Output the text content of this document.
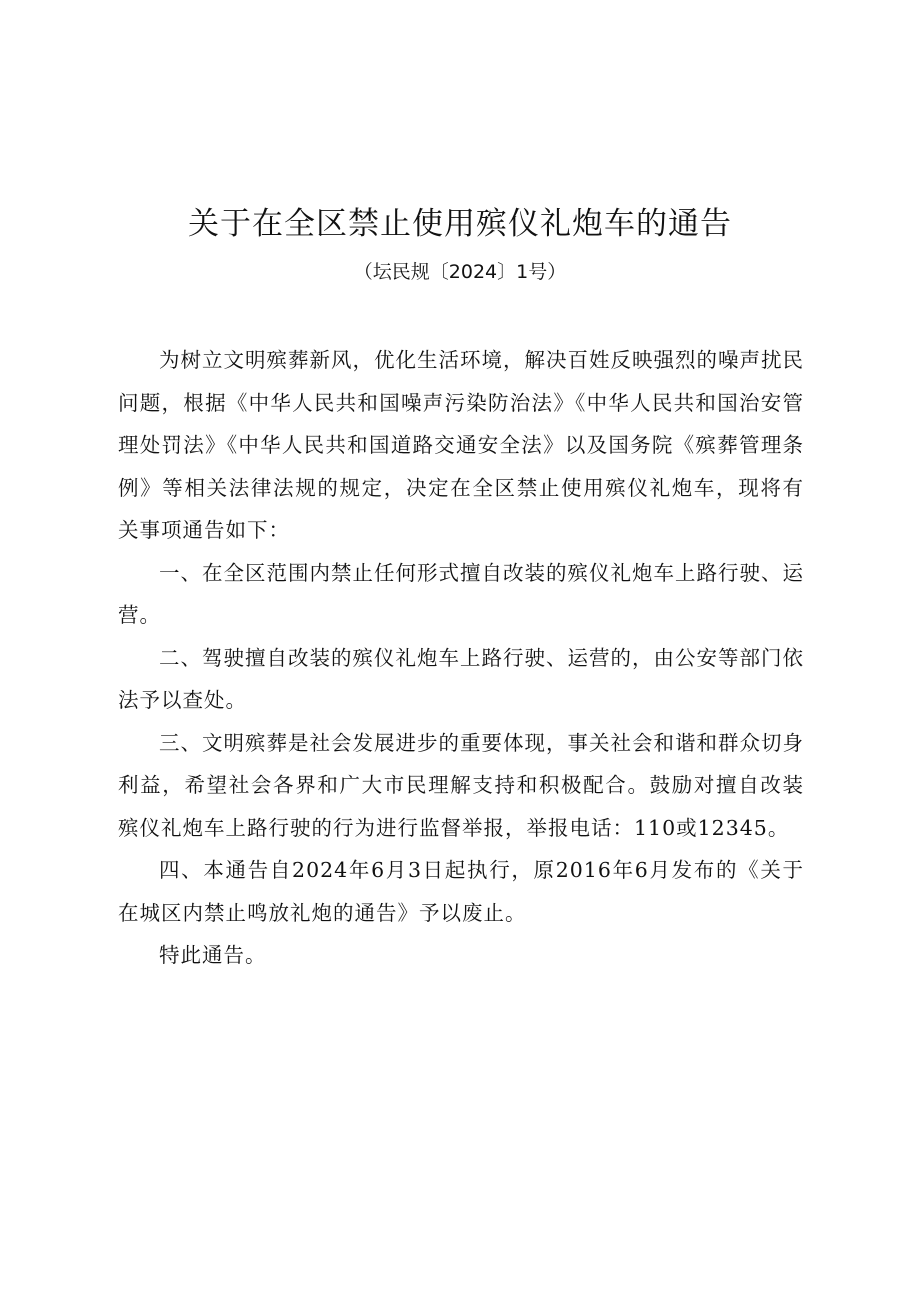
关于在全区禁止使用殡仪礼炮车的通告
（坛民规〔2024〕1号）

为树立文明殡葬新风，优化生活环境，解决百姓反映强烈的噪声扰民问题，根据《中华人民共和国噪声污染防治法》《中华人民共和国治安管理处罚法》《中华人民共和国道路交通安全法》以及国务院《殡葬管理条例》等相关法律法规的规定，决定在全区禁止使用殡仪礼炮车，现将有关事项通告如下：

一、在全区范围内禁止任何形式擅自改装的殡仪礼炮车上路行驶、运营。

二、驾驶擅自改装的殡仪礼炮车上路行驶、运营的，由公安等部门依法予以查处。

三、文明殡葬是社会发展进步的重要体现，事关社会和谐和群众切身利益，希望社会各界和广大市民理解支持和积极配合。鼓励对擅自改装殡仪礼炮车上路行驶的行为进行监督举报，举报电话：110或12345。

四、本通告自2024年6月3日起执行，原2016年6月发布的《关于在城区内禁止鸣放礼炮的通告》予以废止。

特此通告。
